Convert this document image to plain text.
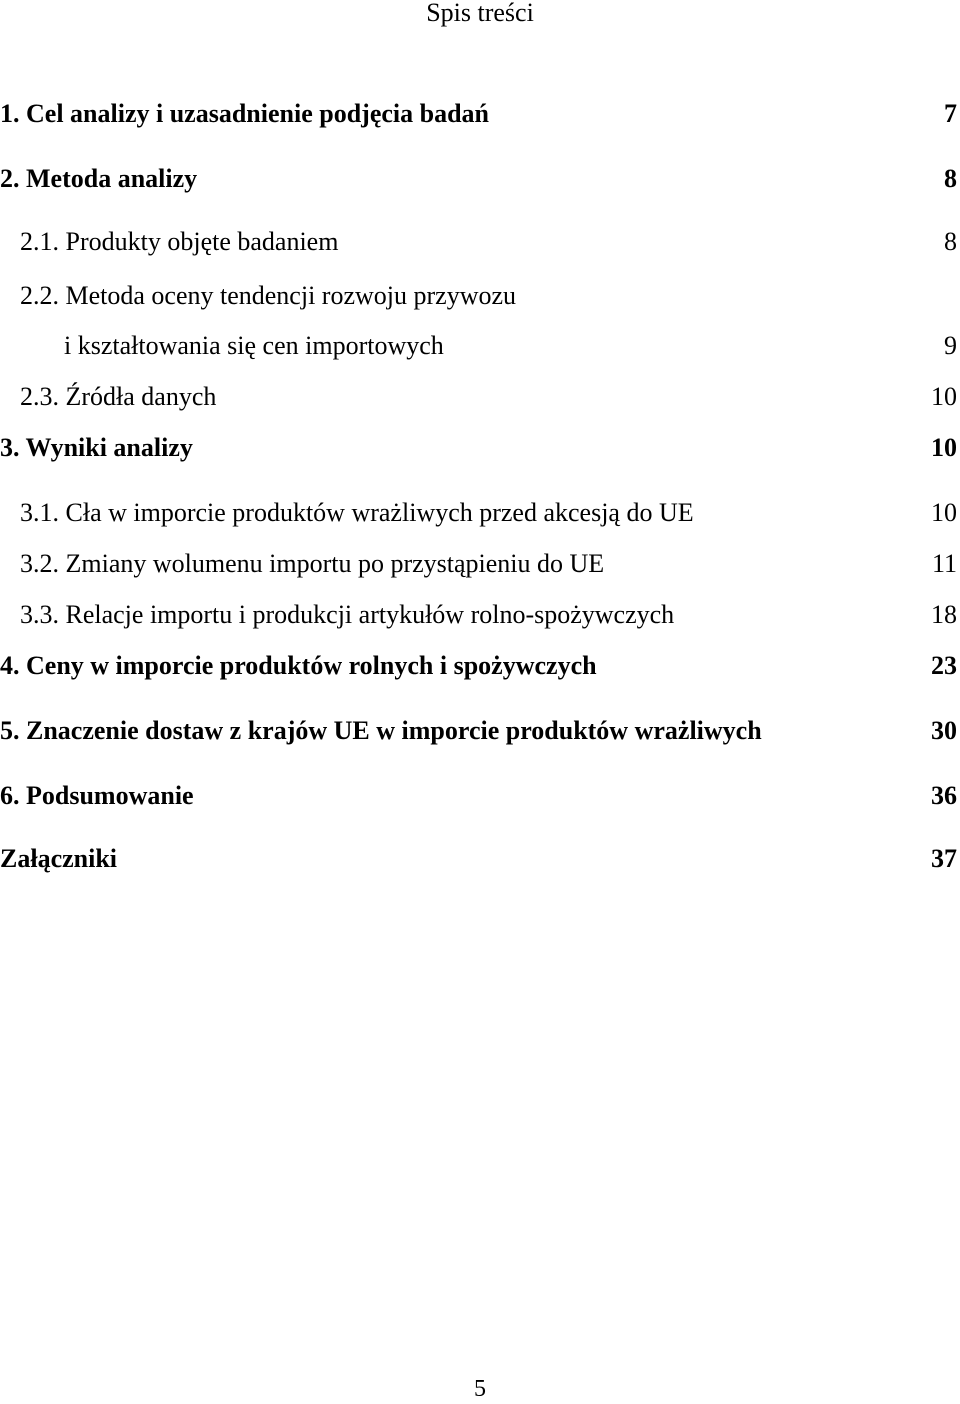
Spis treści
1. Cel analizy i uzasadnienie podjęcia badań	7
2. Metoda analizy	8
2.1. Produkty objęte badaniem	8
2.2. Metoda oceny tendencji rozwoju przywozu
i kształtowania się cen importowych	9
2.3. Źródła danych	10
3. Wyniki analizy	10
3.1. Cła w imporcie produktów wrażliwych przed akcesją do UE	10
3.2. Zmiany wolumenu importu po przystąpieniu do UE	11
3.3. Relacje importu i produkcji artykułów rolno-spożywczych	18
4. Ceny w imporcie produktów rolnych i spożywczych	23
5. Znaczenie dostaw z krajów UE w imporcie produktów wrażliwych	30
6. Podsumowanie	36
Załączniki	37
5
